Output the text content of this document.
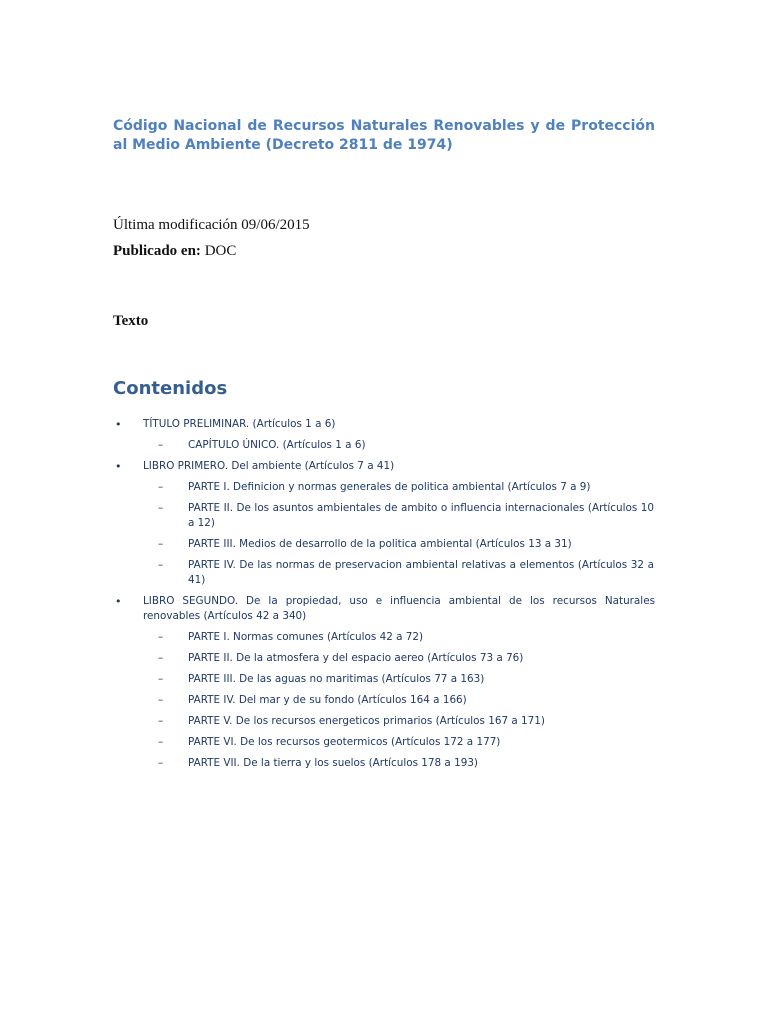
Código Nacional de Recursos Naturales Renovables y de Protección al Medio Ambiente (Decreto 2811 de 1974)

Última modificación 09/06/2015

Publicado en: DOC

Texto
Contenidos
• TÍTULO PRELIMINAR. (Artículos 1 a 6)
– CAPÍTULO ÚNICO. (Artículos 1 a 6)
• LIBRO PRIMERO. Del ambiente (Artículos 7 a 41)
– PARTE I. Definicion y normas generales de politica ambiental (Artículos 7 a 9)
– PARTE II. De los asuntos ambientales de ambito o influencia internacionales (Artículos 10 a 12)
– PARTE III. Medios de desarrollo de la politica ambiental (Artículos 13 a 31)
– PARTE IV. De las normas de preservacion ambiental relativas a elementos (Artículos 32 a 41)
• LIBRO SEGUNDO. De la propiedad, uso e influencia ambiental de los recursos Naturales renovables (Artículos 42 a 340)
– PARTE I. Normas comunes (Artículos 42 a 72)
– PARTE II. De la atmosfera y del espacio aereo (Artículos 73 a 76)
– PARTE III. De las aguas no maritimas (Artículos 77 a 163)
– PARTE IV. Del mar y de su fondo (Artículos 164 a 166)
– PARTE V. De los recursos energeticos primarios (Artículos 167 a 171)
– PARTE VI. De los recursos geotermicos (Artículos 172 a 177)
– PARTE VII. De la tierra y los suelos (Artículos 178 a 193)
